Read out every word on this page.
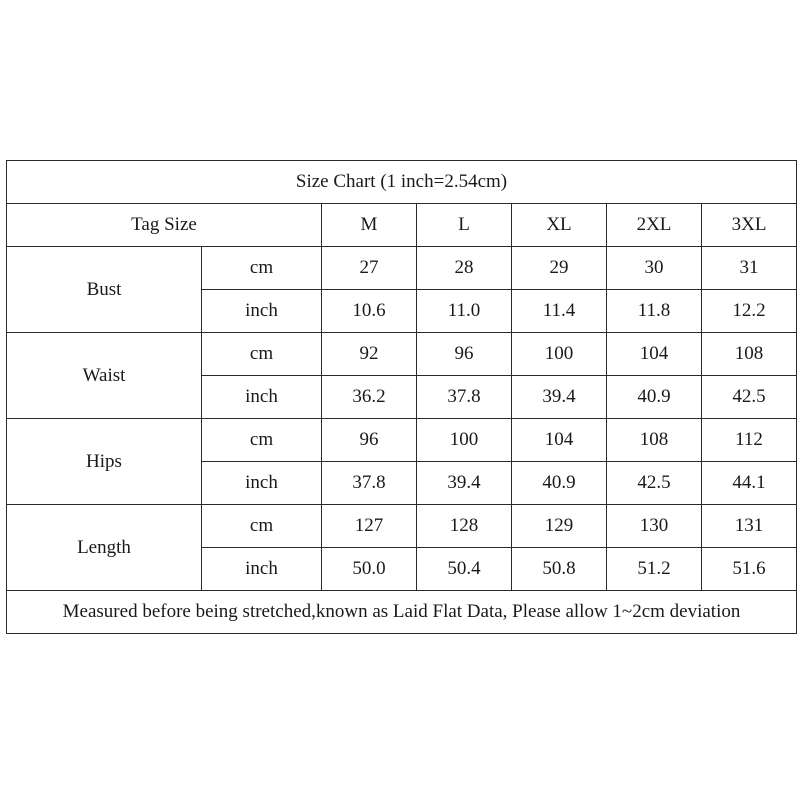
Size Chart (1 inch=2.54cm)						
Tag Size		M	L	XL	2XL	3XL
Bust	cm	27	28	29	30	31
	inch	10.6	11.0	11.4	11.8	12.2
Waist	cm	92	96	100	104	108
	inch	36.2	37.8	39.4	40.9	42.5
Hips	cm	96	100	104	108	112
	inch	37.8	39.4	40.9	42.5	44.1
Length	cm	127	128	129	130	131
	inch	50.0	50.4	50.8	51.2	51.6
Measured before being stretched,known as Laid Flat Data, Please allow 1~2cm deviation						
